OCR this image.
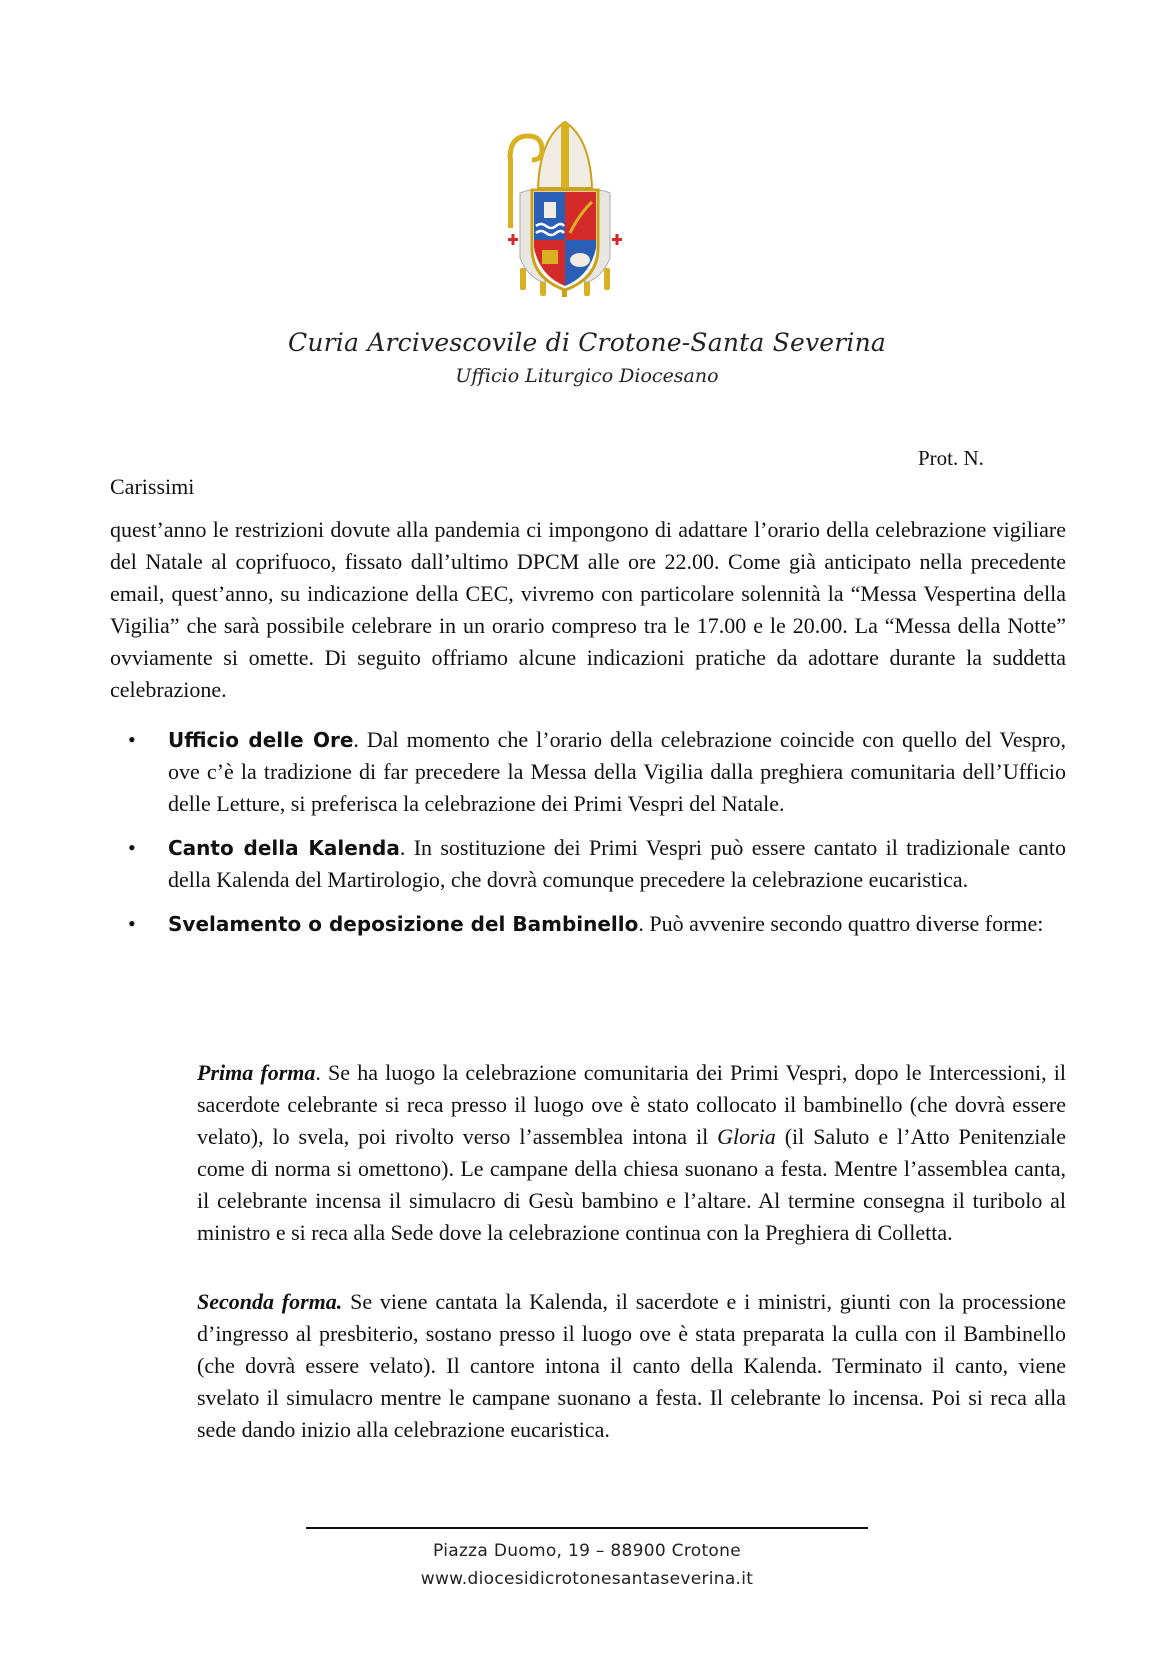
Curia Arcivescovile di Crotone-Santa Severina
Ufficio Liturgico Diocesano
Prot. N.
Carissimi
quest’anno le restrizioni dovute alla pandemia ci impongono di adattare l’orario della celebrazione vigiliare del Natale al coprifuoco, fissato dall’ultimo DPCM alle ore 22.00. Come già anticipato nella precedente email, quest’anno, su indicazione della CEC, vivremo con particolare solennità la “Messa Vespertina della Vigilia” che sarà possibile celebrare in un orario compreso tra le 17.00 e le 20.00. La “Messa della Notte” ovviamente si omette. Di seguito offriamo alcune indicazioni pratiche da adottare durante la suddetta celebrazione.
• Ufficio delle Ore. Dal momento che l’orario della celebrazione coincide con quello del Vespro, ove c’è la tradizione di far precedere la Messa della Vigilia dalla preghiera comunitaria dell’Ufficio delle Letture, si preferisca la celebrazione dei Primi Vespri del Natale.
• Canto della Kalenda. In sostituzione dei Primi Vespri può essere cantato il tradizionale canto della Kalenda del Martirologio, che dovrà comunque precedere la celebrazione eucaristica.
• Svelamento o deposizione del Bambinello. Può avvenire secondo quattro diverse forme:
Prima forma. Se ha luogo la celebrazione comunitaria dei Primi Vespri, dopo le Intercessioni, il sacerdote celebrante si reca presso il luogo ove è stato collocato il bambinello (che dovrà essere velato), lo svela, poi rivolto verso l’assemblea intona il Gloria (il Saluto e l’Atto Penitenziale come di norma si omettono). Le campane della chiesa suonano a festa. Mentre l’assemblea canta, il celebrante incensa il simulacro di Gesù bambino e l’altare. Al termine consegna il turibolo al ministro e si reca alla Sede dove la celebrazione continua con la Preghiera di Colletta.
Seconda forma. Se viene cantata la Kalenda, il sacerdote e i ministri, giunti con la processione d’ingresso al presbiterio, sostano presso il luogo ove è stata preparata la culla con il Bambinello (che dovrà essere velato). Il cantore intona il canto della Kalenda. Terminato il canto, viene svelato il simulacro mentre le campane suonano a festa. Il celebrante lo incensa. Poi si reca alla sede dando inizio alla celebrazione eucaristica.
Piazza Duomo, 19 – 88900 Crotone
www.diocesidicrotonesantaseverina.it
